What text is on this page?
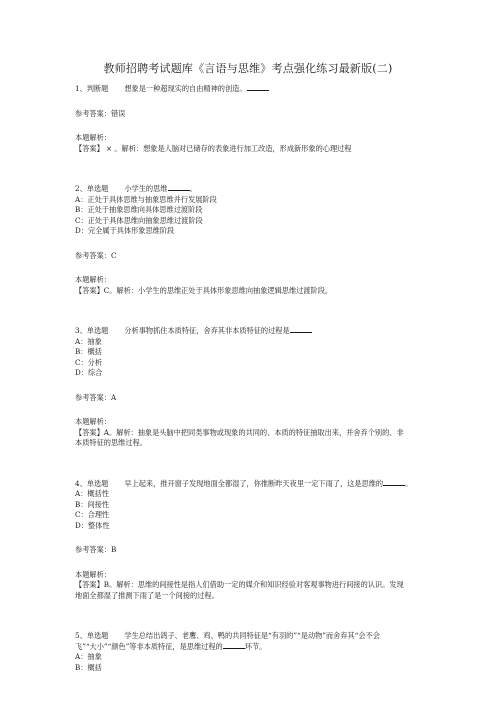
教师招聘考试题库《言语与思维》考点强化练习最新版(二)
1、判断题 想象是一种超现实的自由精神的创造。
参考答案：错误
本题解析：
【答案】 × 。解析：想象是人脑对已储存的表象进行加工改造，形成新形象的心理过程
2、单选题 小学生的思维	。
A：正处于具体思维与抽象思维并行发展阶段
B：正处于抽象思维向具体思维过渡阶段
C：正处于具体思维向抽象思维过渡阶段
D：完全属于具体形象思维阶段
参考答案：C
本题解析：
【答案】C。解析：小学生的思维正处于具体形象思维向抽象逻辑思维过渡阶段。
3、单选题 分析事物抓住本质特征，舍弃其非本质特征的过程是
A：抽象
B：概括
C：分析
D：综合
参考答案：A
本题解析：
【答案】A。解析：抽象是头脑中把同类事物或现象的共同的、本质的特征抽取出来，并舍弃个别的、非
本质特征的思维过程。
4、单选题 早上起来，推开窗子发现地面全都湿了，你推断昨天夜里一定下雨了，这是思维的	。
A：概括性
B：间接性
C：合理性
D：整体性
参考答案：B
本题解析：
【答案】B。解析：思维的间接性是指人们借助一定的媒介和知识经验对客观事物进行间接的认识。发现
地面全都湿了推测下雨了是一个间接的过程。
5、单选题 学生总结出鸽子、老鹰、鸡、鸭的共同特征是“有羽的”“是动物”而舍弃其“会不会
飞”“大小”“颜色”等非本质特征，是思维过程的	环节。
A：抽象
B：概括
